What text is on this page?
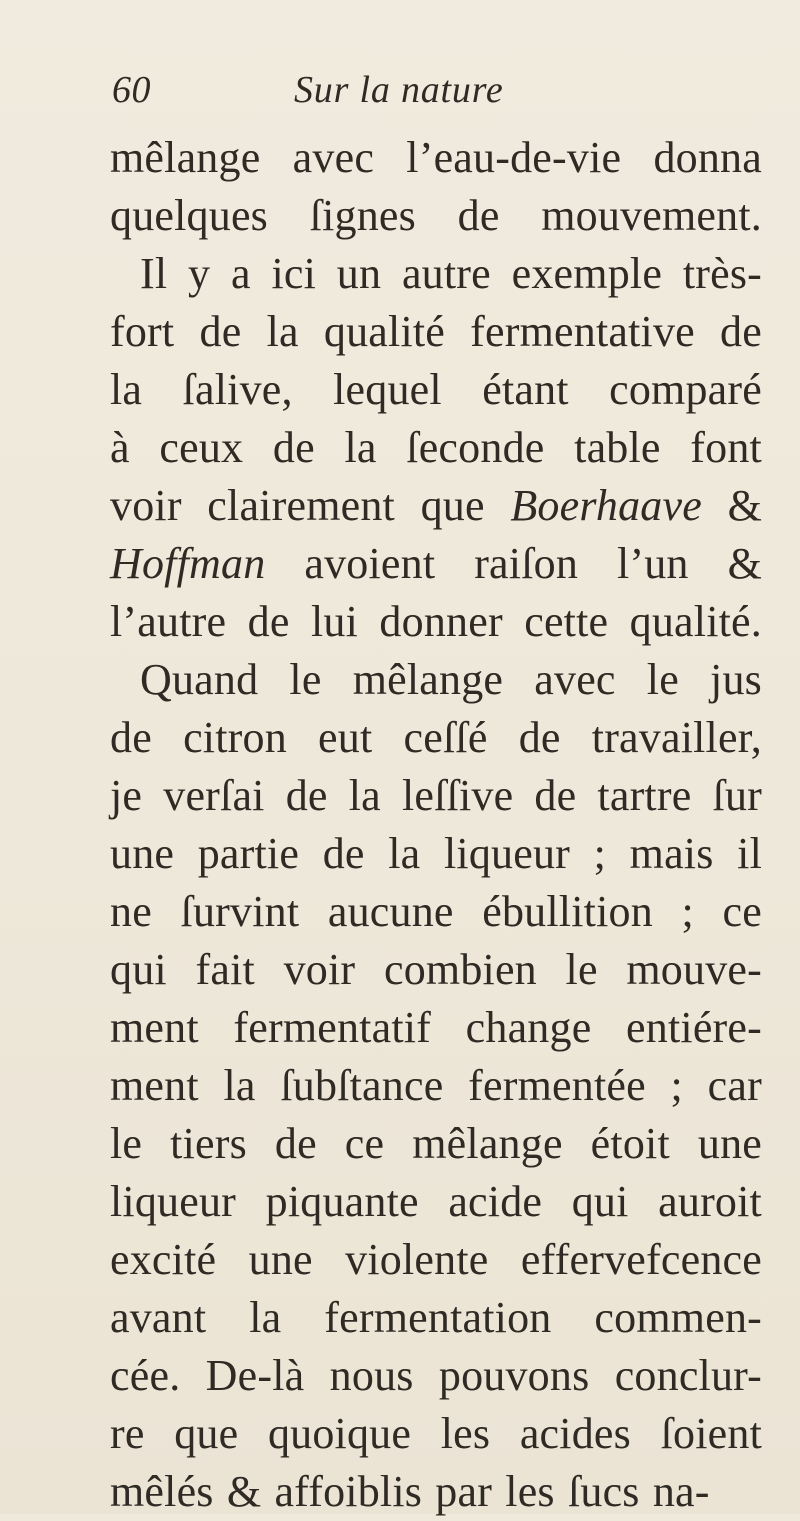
60	Sur la nature
mêlange avec l’eau-de-vie donna
quelques ſignes de mouvement.
Il y a ici un autre exemple très-
fort de la qualité fermentative de
la ſalive, lequel étant comparé
à ceux de la ſeconde table font
voir clairement que Boerhaave &
Hoffman avoient raiſon l’un &
l’autre de lui donner cette qualité.
Quand le mêlange avec le jus
de citron eut ceſſé de travailler,
je verſai de la leſſive de tartre ſur
une partie de la liqueur ; mais il
ne ſurvint aucune ébullition ; ce
qui fait voir combien le mouve-
ment fermentatif change entiére-
ment la ſubſtance fermentée ; car
le tiers de ce mêlange étoit une
liqueur piquante acide qui auroit
excité une violente effervefcence
avant la fermentation commen-
cée. De-là nous pouvons conclur-
re que quoique les acides ſoient
mêlés & affoiblis par les ſucs na-
